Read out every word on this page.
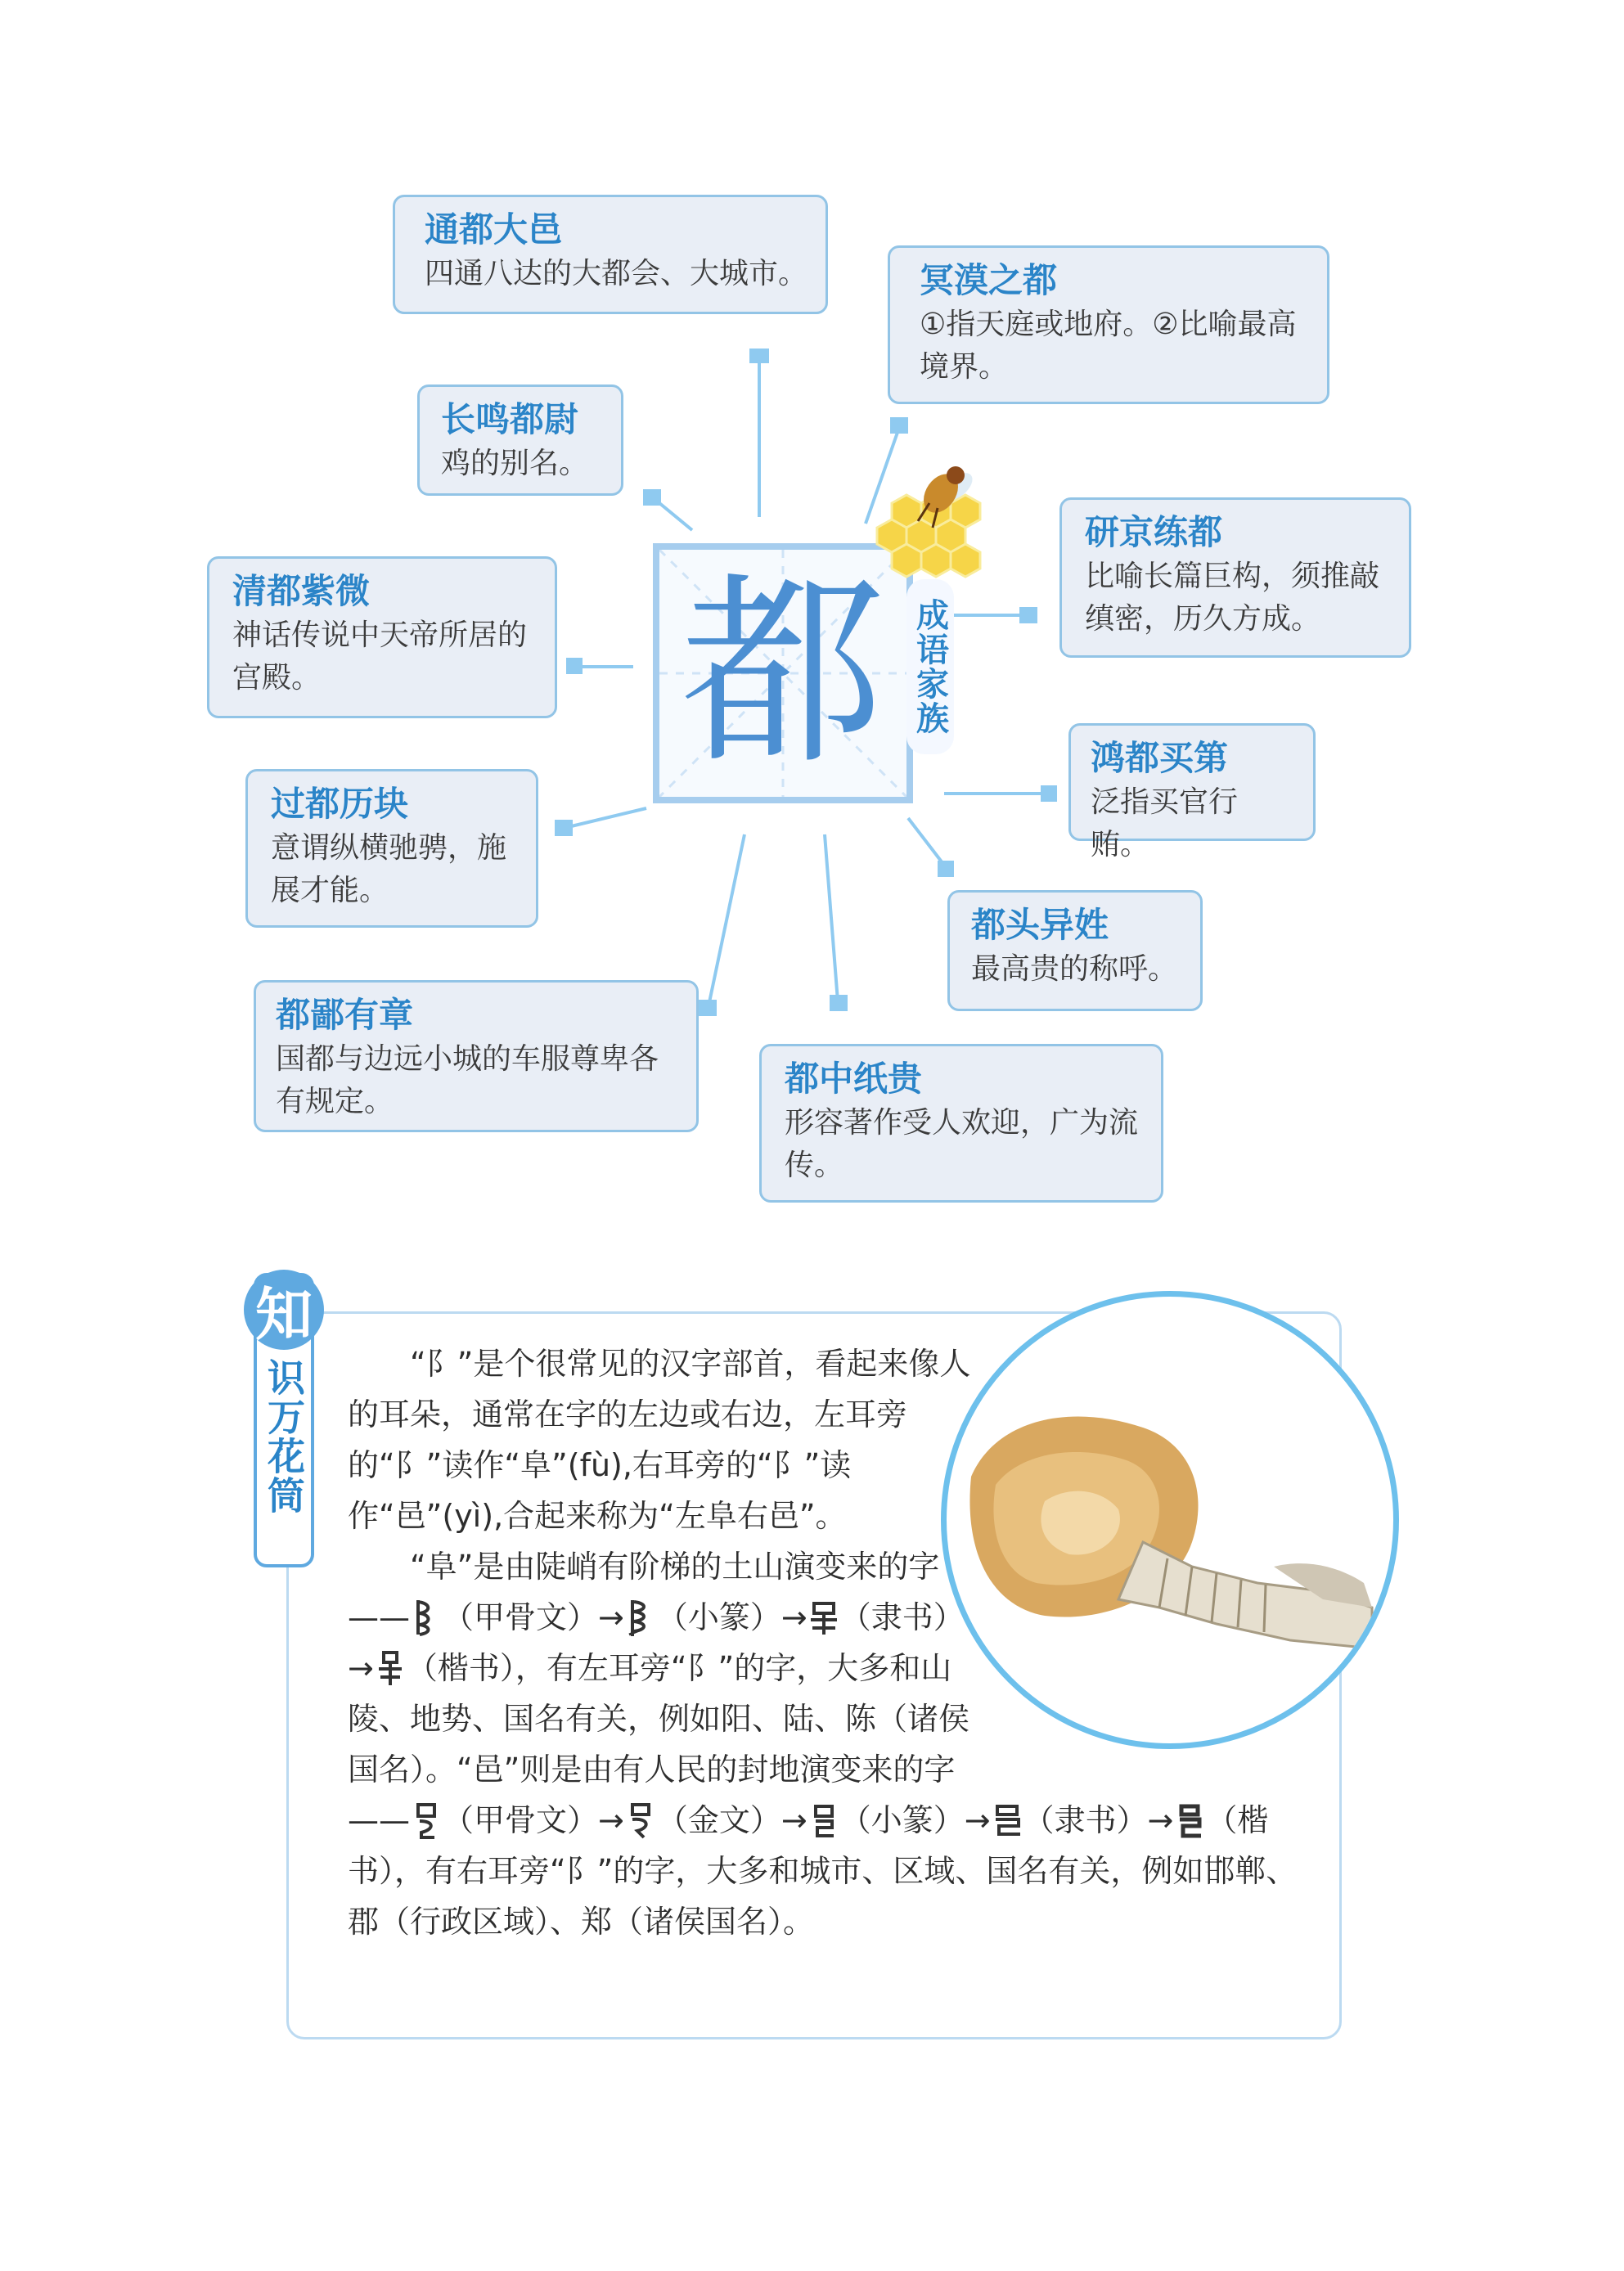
通都大邑
四通八达的大都会、大城市。	冥漠之都
①指天庭或地府。②比喻最高境界。
长鸣都尉
鸡的别名。
研京练都
比喻长篇巨构，须推敲缜密，历久方成。
清都紫微
神话传说中天帝所居的宫殿。
鸿都买第
泛指买官行贿。
过都历块
意谓纵横驰骋，施展才能。
都头异姓
最高贵的称呼。
都鄙有章
国都与边远小城的车服尊卑各有规定。
都中纸贵
形容著作受人欢迎，广为流传。
都 成语家族
知
识万花筒	“阝”是个很常见的汉字部首，看起来像人的耳朵，通常在字的左边或右边，左耳旁的“阝”读作“阜”(fù),右耳旁的“阝”读作“邑”(yì),合起来称为“左阜右邑”。
“阜”是由陡峭有阶梯的土山演变来的字—— （甲骨文）→ （小篆）→ （隶书）→ （楷书），有左耳旁“阝”的字，大多和山陵、地势、国名有关，例如阳、陆、陈（诸侯国名）。“邑”则是由有人民的封地演变来的字—— （甲骨文）→ （金文）→ （小篆）→ （隶书）→ （楷书），有右耳旁“阝”的字，大多和城市、区域、国名有关，例如邯郸、郡（行政区域）、郑（诸侯国名）。
